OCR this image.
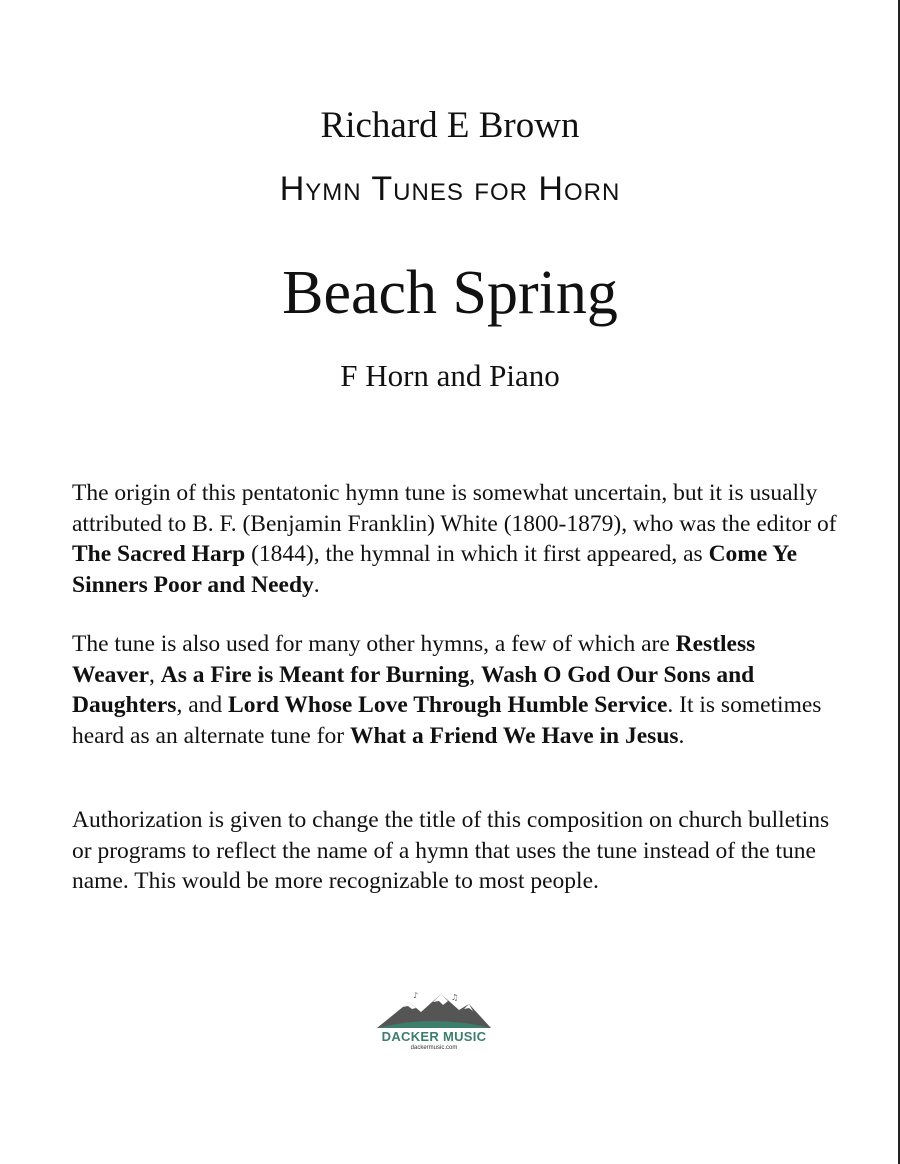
Richard E Brown
Hymn Tunes for Horn
Beach Spring
F Horn and Piano

The origin of this pentatonic hymn tune is somewhat uncertain, but it is usually attributed to B. F. (Benjamin Franklin) White (1800-1879), who was the editor of The Sacred Harp (1844), the hymnal in which it first appeared, as Come Ye Sinners Poor and Needy.

The tune is also used for many other hymns, a few of which are Restless Weaver, As a Fire is Meant for Burning, Wash O God Our Sons and Daughters, and Lord Whose Love Through Humble Service. It is sometimes heard as an alternate tune for What a Friend We Have in Jesus.

Authorization is given to change the title of this composition on church bulletins or programs to reflect the name of a hymn that uses the tune instead of the tune name. This would be more recognizable to most people.

♪	♫
DACKER MUSIC
dackermusic.com
